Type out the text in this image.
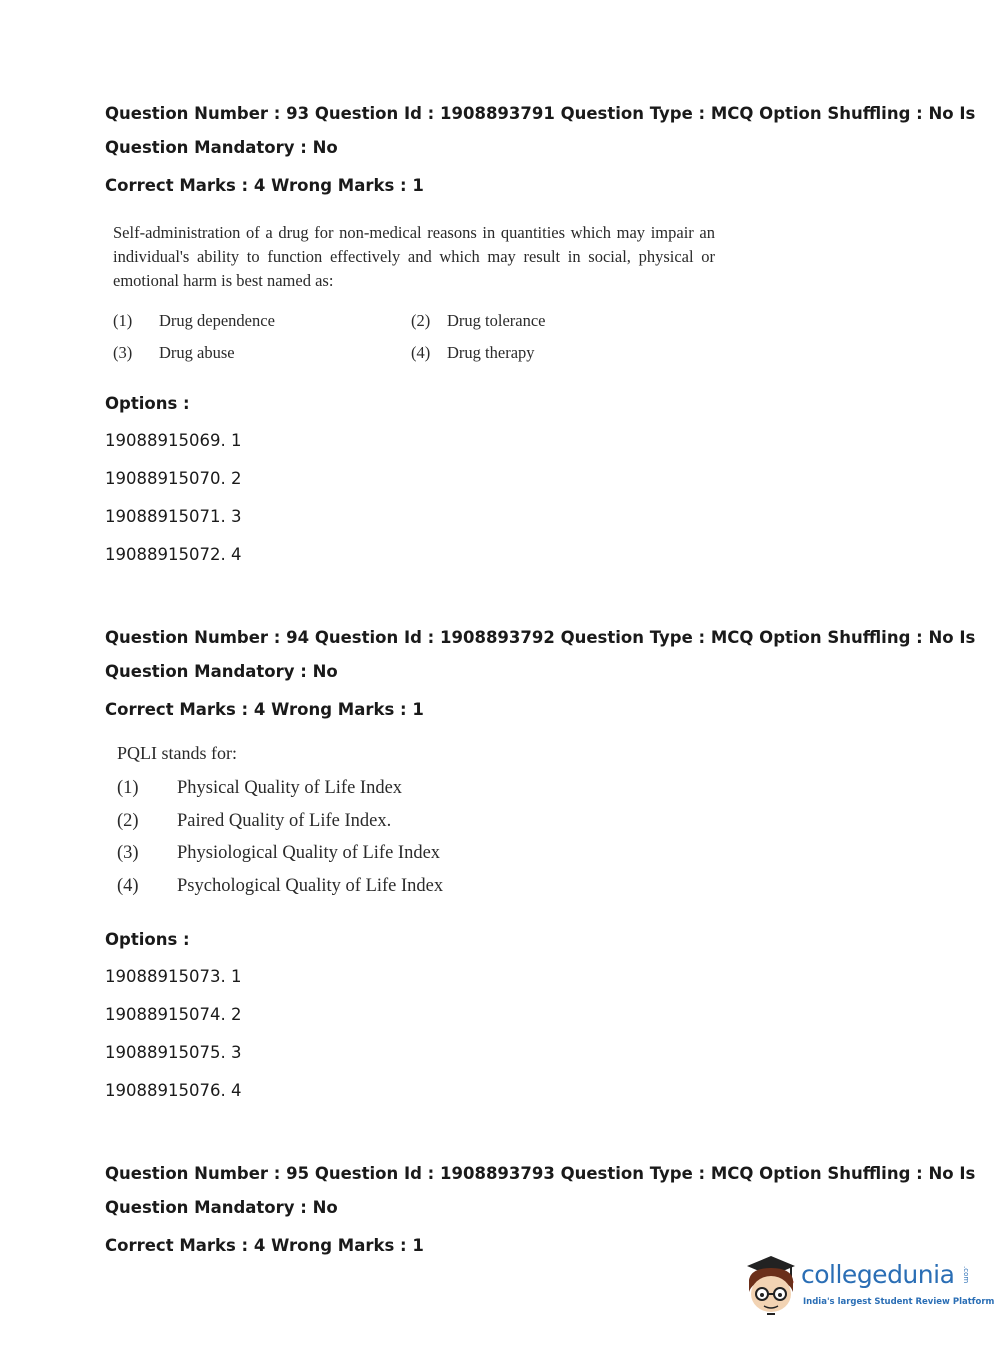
Question Number : 93 Question Id : 1908893791 Question Type : MCQ Option Shuffling : No Is

Question Mandatory : No

Correct Marks : 4 Wrong Marks : 1

Self-administration of a drug for non-medical reasons in quantities which may impair an individual's ability to function effectively and which may result in social, physical or emotional harm is best named as:
(1) Drug dependence	(2) Drug tolerance
(3) Drug abuse	(4) Drug therapy

Options :

19088915069. 1

19088915070. 2

19088915071. 3

19088915072. 4

Question Number : 94 Question Id : 1908893792 Question Type : MCQ Option Shuffling : No Is

Question Mandatory : No

Correct Marks : 4 Wrong Marks : 1

PQLI stands for:
(1) Physical Quality of Life Index
(2) Paired Quality of Life Index.
(3) Physiological Quality of Life Index
(4) Psychological Quality of Life Index

Options :

19088915073. 1

19088915074. 2

19088915075. 3

19088915076. 4

Question Number : 95 Question Id : 1908893793 Question Type : MCQ Option Shuffling : No Is

Question Mandatory : No

Correct Marks : 4 Wrong Marks : 1

collegedunia .com
India's largest Student Review Platform
